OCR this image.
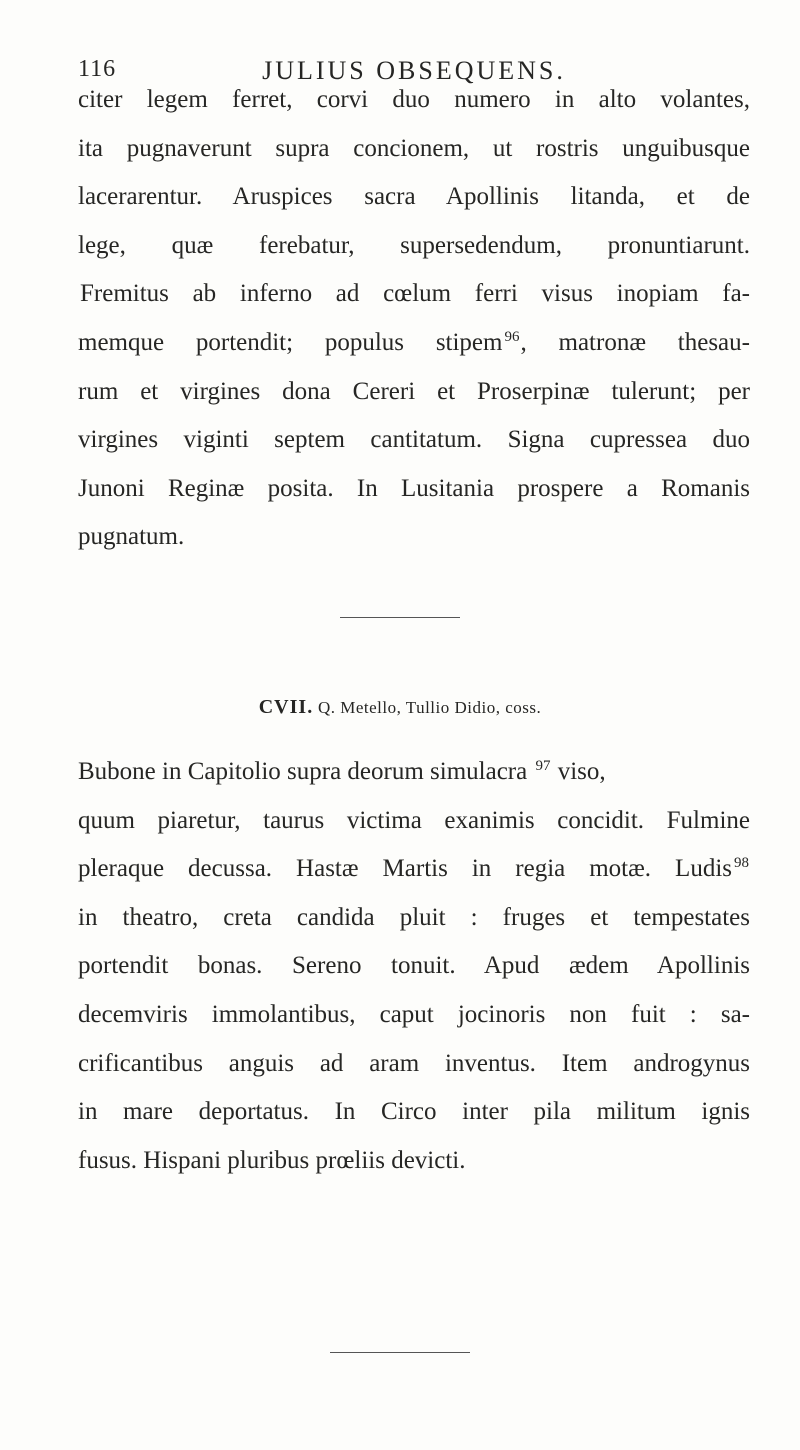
116	JULIUS OBSEQUENS.
citer legem ferret, corvi duo numero in alto volantes,
ita pugnaverunt supra concionem, ut rostris unguibusque
lacerarentur. Aruspices sacra Apollinis litanda, et de
lege, quæ ferebatur, supersedendum, pronuntiarunt.
Fremitus ab inferno ad cœlum ferri visus inopiam fa-
memque portendit; populus stipem $^{96}$, matronæ thesau-
rum et virgines dona Cereri et Proserpinæ tulerunt; per
virgines viginti septem cantitatum. Signa cupressea duo
Junoni Reginæ posita. In Lusitania prospere a Romanis
pugnatum.
CVII. Q. Metello, Tullio Didio, coss.
Bubone in Capitolio supra deorum simulacra $^{97}$ viso,
quum piaretur, taurus victima exanimis concidit. Fulmine
pleraque decussa. Hastæ Martis in regia motæ. Ludis $^{98}$
in theatro, creta candida pluit : fruges et tempestates
portendit bonas. Sereno tonuit. Apud ædem Apollinis
decemviris immolantibus, caput jocinoris non fuit : sa-
crificantibus anguis ad aram inventus. Item androgynus
in mare deportatus. In Circo inter pila militum ignis
fusus. Hispani pluribus prœliis devicti.
